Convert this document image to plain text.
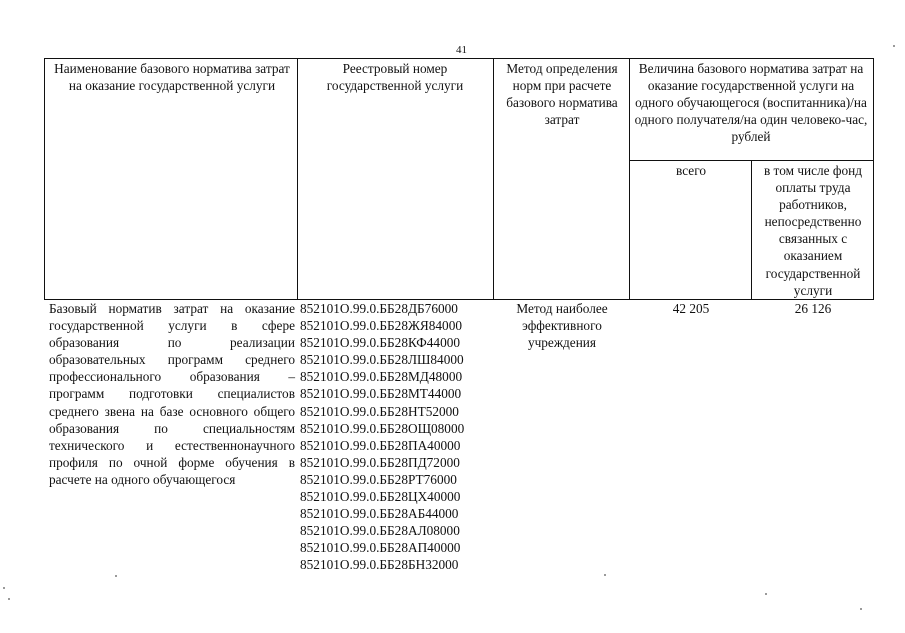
41
Наименование базового норматива затрат на оказание государственной услуги
Реестровый номер государственной услуги
Метод определения норм при расчете базового норматива затрат
Величина базового норматива затрат на оказание государственной услуги на одного обучающегося (воспитанника)/на одного получателя/на один человеко-час, рублей
всего	в том числе фонд оплаты труда работников, непосредственно связанных с оказанием государственной услуги
Базовый норматив затрат на оказание государственной услуги в сфере образования по реализации образовательных программ среднего профессионального образования – программ подготовки специалистов среднего звена на базе основного общего образования по специальностям технического и естественнонаучного профиля по очной форме обучения в расчете на одного обучающегося
852101О.99.0.ББ28ДБ76000
852101О.99.0.ББ28ЖЯ84000
852101О.99.0.ББ28КФ44000
852101О.99.0.ББ28ЛШ84000
852101О.99.0.ББ28МД48000
852101О.99.0.ББ28МТ44000
852101О.99.0.ББ28НТ52000
852101О.99.0.ББ28ОЩ08000
852101О.99.0.ББ28ПА40000
852101О.99.0.ББ28ПД72000
852101О.99.0.ББ28РТ76000
852101О.99.0.ББ28ЦХ40000
852101О.99.0.ББ28АБ44000
852101О.99.0.ББ28АЛ08000
852101О.99.0.ББ28АП40000
852101О.99.0.ББ28БН32000
Метод наиболее эффективного учреждения
42 205	26 126
